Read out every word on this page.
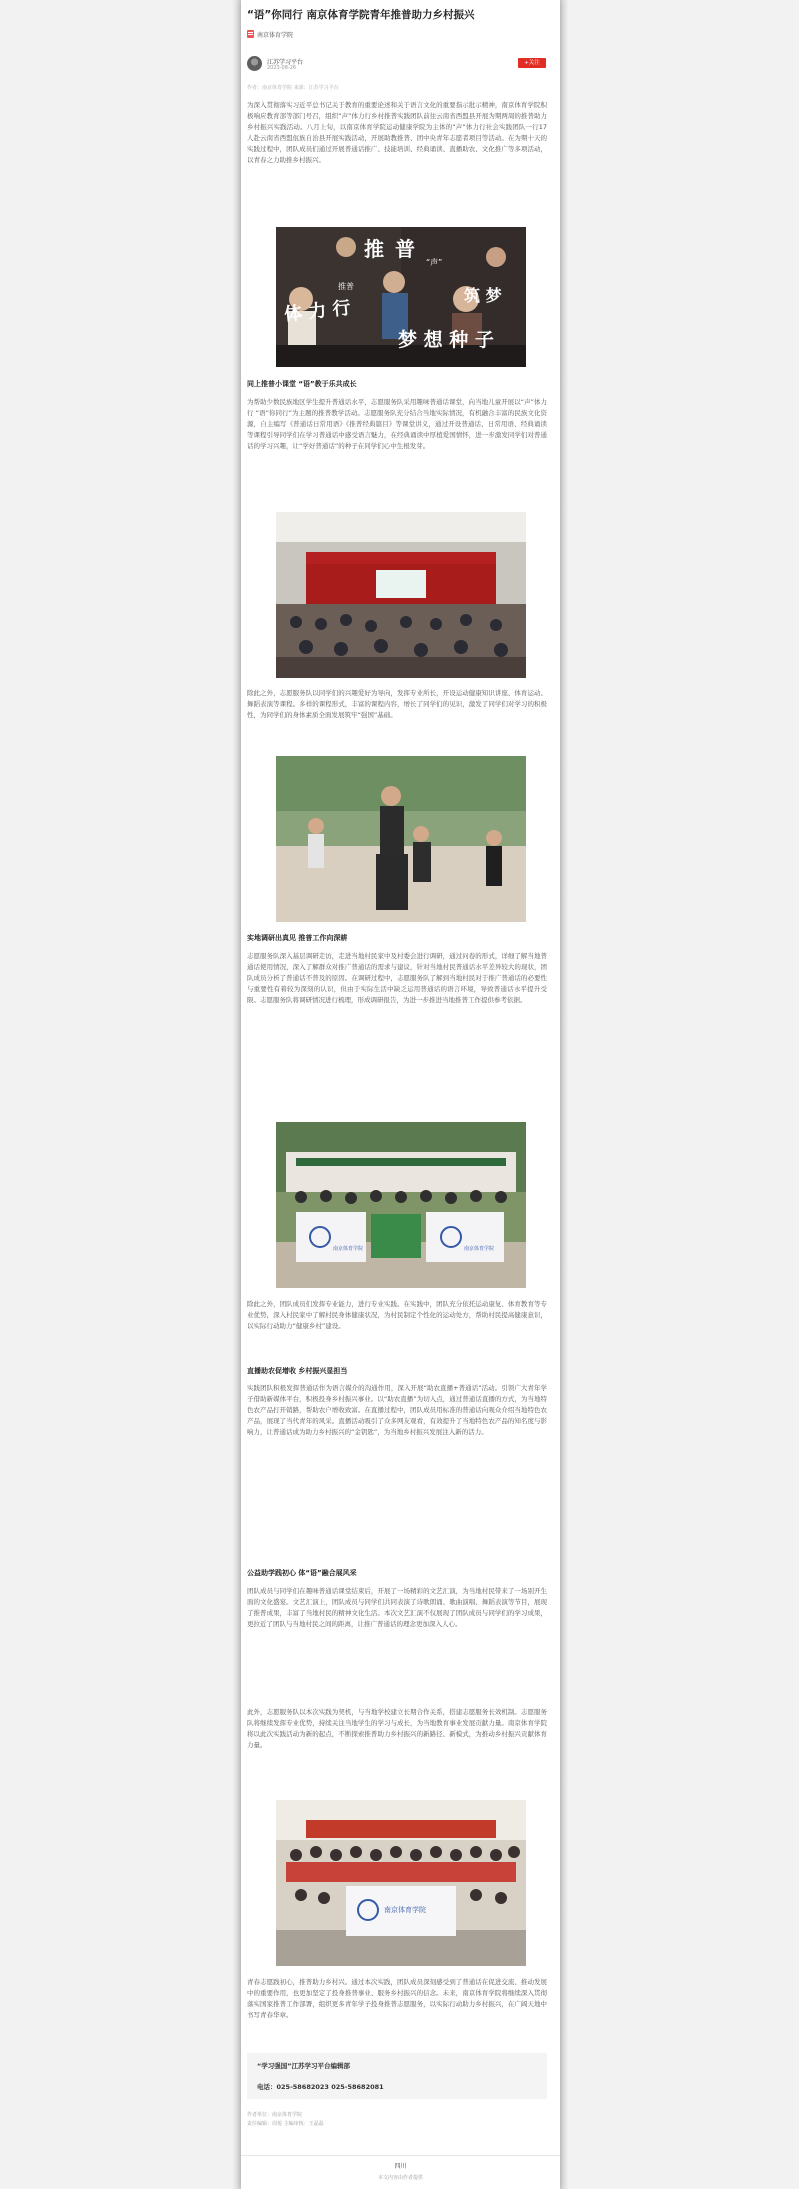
“语”你同行 南京体育学院青年推普助力乡村振兴
南京体育学院
江苏学习平台
2023-08-26
+关注
作者：南京体育学院 来源：江苏学习平台
为深入贯彻落实习近平总书记关于教育的重要论述和关于语言文化的重要指示批示精神，南京体育学院积极响应教育部等部门号召，组织“声”体力行乡村推普实践团队前往云南省西盟县开展为期两周的推普助力乡村振兴实践活动。八月上旬，以南京体育学院运动健康学院为主体的“声”体力行社会实践团队一行17人赴云南省西盟佤族自治县开展实践活动，开展助教推普、团中央青年志愿者项目等活动。在为期十天的实践过程中，团队成员们通过开展普通话推广、技能培训、经典诵读、直播助农、文化推广等多项活动，以青春之力助推乡村振兴。
推 普
“声”
推普
体 力 行
筑 梦
梦 想 种 子
同上推普小课堂 “语”教于乐共成长
为帮助少数民族地区学生提升普通话水平，志愿服务队采用趣味普通话课堂，向当地儿童开展以“声”体力行 “语”你同行”为主题的推普教学活动。志愿服务队充分结合当地实际情况，有机融合丰富的民族文化资源，自主编写《普通话日常用语》《推普经典篇目》等课堂讲义，通过开设普通话、日常用语、经典诵读等课程引导同学们在学习普通话中感受语言魅力，在经典诵读中厚植爱国情怀，进一步激发同学们对普通话的学习兴趣，让“学好普通话”的种子在同学们心中生根发芽。
除此之外，志愿服务队以同学们的兴趣爱好为导向，发挥专业所长，开设运动健康知识讲座、体育运动、舞蹈表演等课程。多样的课程形式，丰富的课程内容，增长了同学们的见识，激发了同学们对学习的积极性，为同学们的身体素质全面发展筑牢“强国”基础。
实地调研出真见 推普工作向深耕
志愿服务队深入基层调研走访，走进当地村民家中及村委会进行调研，通过问卷的形式，详细了解当地普通话使用情况，深入了解群众对推广普通话的需求与建议，针对当地村民普通话水平差异较大的现状，团队成员分析了普通话不普及的原因。在调研过程中，志愿服务队了解到当地村民对于推广普通话的必要性与重要性有着较为深刻的认识，但由于实际生活中缺乏运用普通话的语言环境，导致普通话水平提升受限。志愿服务队将调研情况进行梳理，形成调研报告，为进一步推进当地推普工作提供参考依据。
南京体育学院	南京体育学院
除此之外，团队成员们发挥专业能力，进行专业实践。在实践中，团队充分依托运动康复、体育教育等专业优势，深入村民家中了解村民身体健康状况，为村民制定个性化的运动处方，帮助村民提高健康意识，以实际行动助力“健康乡村”建设。
直播助农促增收 乡村振兴显担当
实践团队积极发挥普通话作为语言媒介的沟通作用，深入开展“助农直播+普通话”活动。引领广大青年学子借助新媒体平台，积极投身乡村振兴事业。以“助农直播”为切入点，通过普通话直播的方式，为当地特色农产品打开销路，帮助农户增收致富。在直播过程中，团队成员用标准的普通话向观众介绍当地特色农产品，展现了当代青年的风采。直播活动吸引了众多网友观看，有效提升了当地特色农产品的知名度与影响力，让普通话成为助力乡村振兴的“金钥匙”，为当地乡村振兴发展注入新的活力。
公益助学践初心 体“语”融合展风采
团队成员与同学们在趣味普通话课堂结束后，开展了一场精彩的文艺汇演，为当地村民带来了一场别开生面的文化盛宴。文艺汇演上，团队成员与同学们共同表演了诗歌朗诵、歌曲演唱、舞蹈表演等节目，展现了推普成果，丰富了当地村民的精神文化生活。本次文艺汇演不仅展现了团队成员与同学们的学习成果，更拉近了团队与当地村民之间的距离，让推广普通话的理念更加深入人心。
此外，志愿服务队以本次实践为契机，与当地学校建立长期合作关系，搭建志愿服务长效机制。志愿服务队将继续发挥专业优势，持续关注当地学生的学习与成长，为当地教育事业发展贡献力量。南京体育学院将以此次实践活动为新的起点，不断探索推普助力乡村振兴的新路径、新模式，为推动乡村振兴贡献体育力量。
南京体育学院
青春志愿践初心，推普助力乡村兴。通过本次实践，团队成员深刻感受到了普通话在促进交流、推动发展中的重要作用，也更加坚定了投身推普事业、服务乡村振兴的信念。未来，南京体育学院将继续深入贯彻落实国家推普工作部署，组织更多青年学子投身推普志愿服务，以实际行动助力乡村振兴，在广阔天地中书写青春华章。
“学习强国”江苏学习平台编辑部
电话：025-58682023 025-58682081
作者单位：南京体育学院
责任编辑：周悦 主编审核：王磊磊
四川
本文内容由作者提供
